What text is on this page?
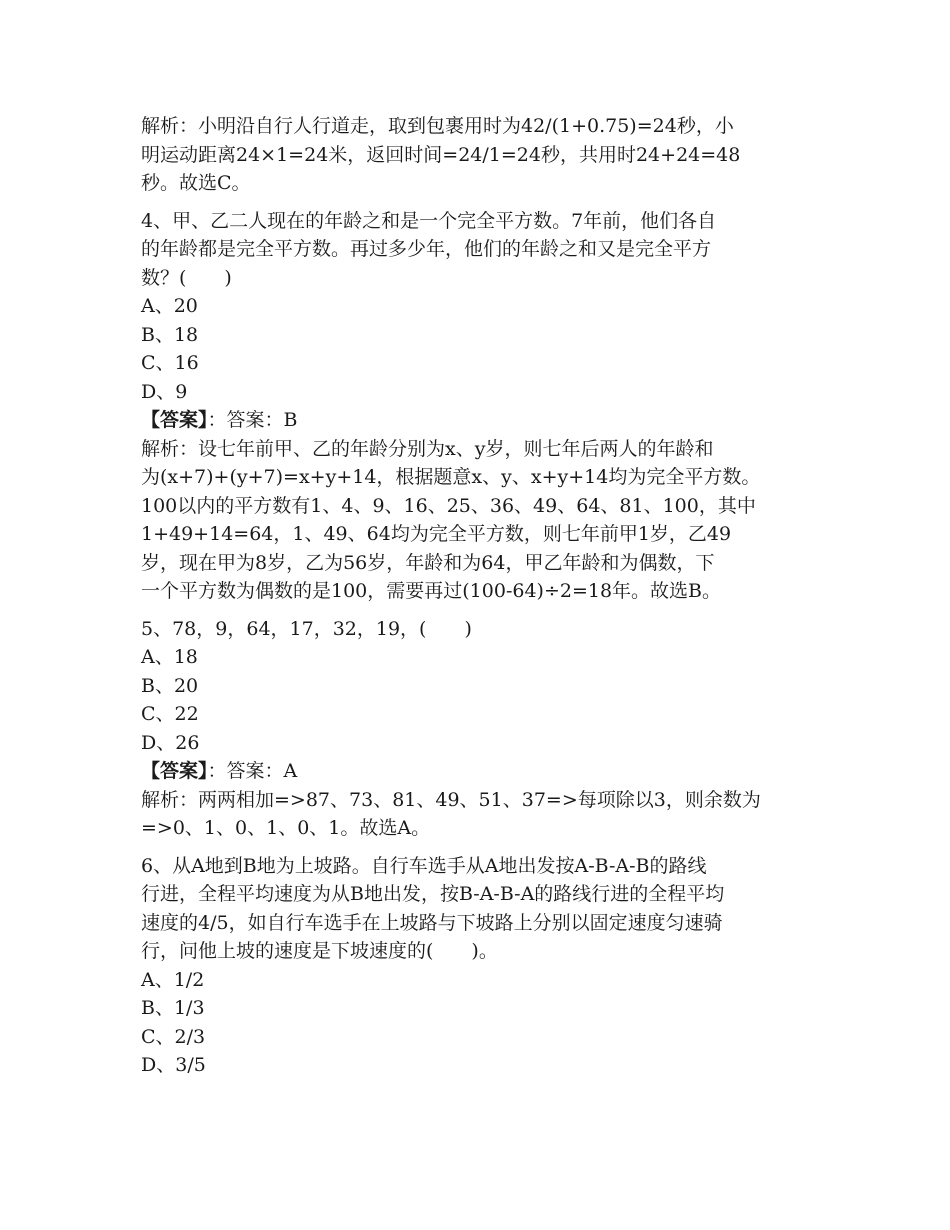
解析：小明沿自行人行道走，取到包裹用时为42/(1+0.75)=24秒，小
明运动距离24×1=24米，返回时间=24/1=24秒，共用时24+24=48
秒。故选C。
4、甲、乙二人现在的年龄之和是一个完全平方数。7年前，他们各自
的年龄都是完全平方数。再过多少年，他们的年龄之和又是完全平方
数？(　　)
A、20
B、18
C、16
D、9
【答案】：答案：B
解析：设七年前甲、乙的年龄分别为x、y岁，则七年后两人的年龄和
为(x+7)+(y+7)=x+y+14，根据题意x、y、x+y+14均为完全平方数。
100以内的平方数有1、4、9、16、25、36、49、64、81、100，其中
1+49+14=64，1、49、64均为完全平方数，则七年前甲1岁，乙49
岁，现在甲为8岁，乙为56岁，年龄和为64，甲乙年龄和为偶数，下
一个平方数为偶数的是100，需要再过(100-64)÷2=18年。故选B。
5、78，9，64，17，32，19，(　　)
A、18
B、20
C、22
D、26
【答案】：答案：A
解析：两两相加=>87、73、81、49、51、37=>每项除以3，则余数为
=>0、1、0、1、0、1。故选A。
6、从A地到B地为上坡路。自行车选手从A地出发按A-B-A-B的路线
行进，全程平均速度为从B地出发，按B-A-B-A的路线行进的全程平均
速度的4/5，如自行车选手在上坡路与下坡路上分别以固定速度匀速骑
行，问他上坡的速度是下坡速度的(　　)。
A、1/2
B、1/3
C、2/3
D、3/5
